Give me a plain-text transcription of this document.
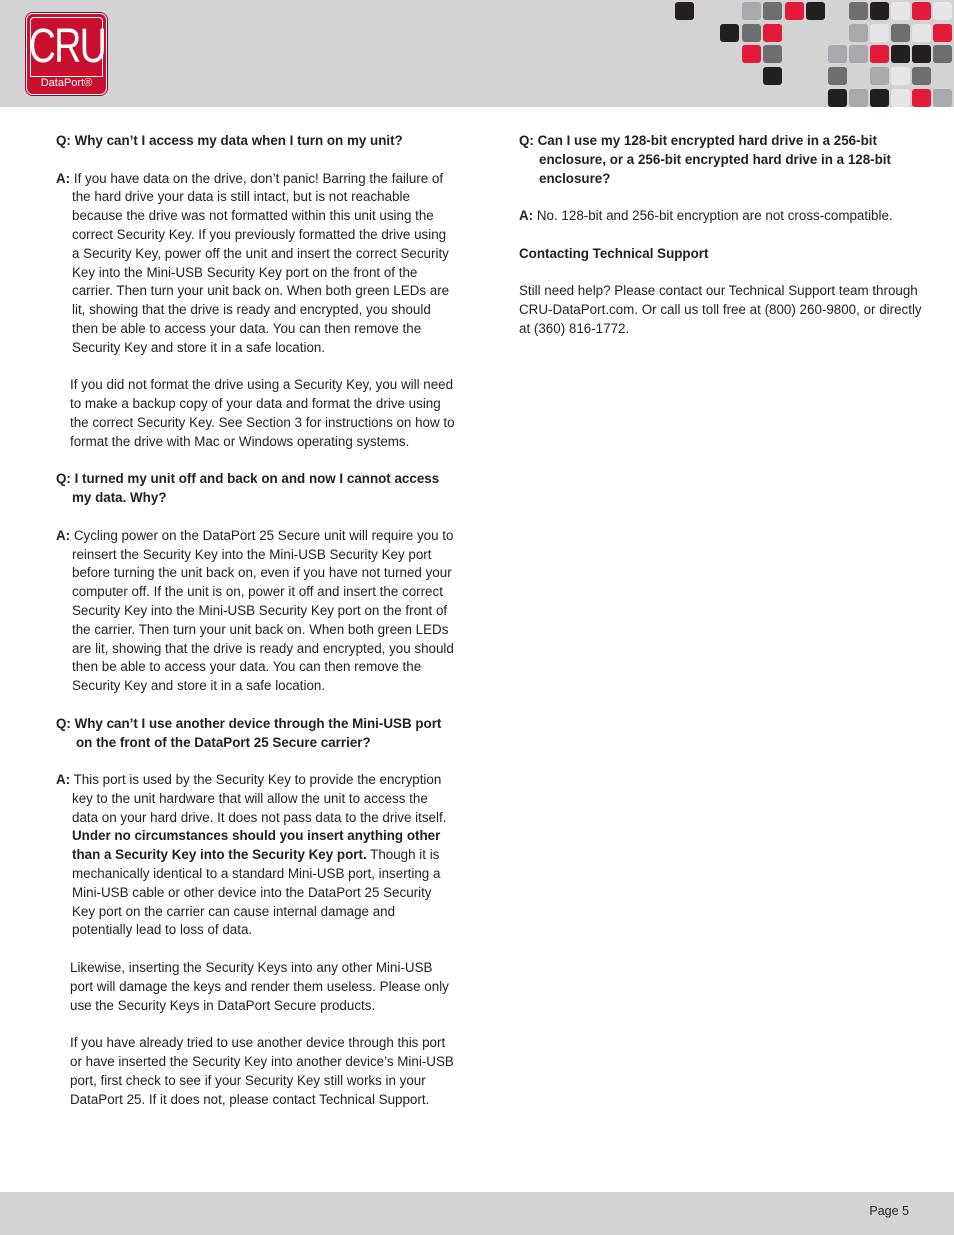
CRU
DataPort®
Q: Why can’t I access my data when I turn on my unit?
A: If you have data on the drive, don’t panic! Barring the failure of the hard drive your data is still intact, but is not reachable because the drive was not formatted within this unit using the correct Security Key. If you previously formatted the drive using a Security Key, power off the unit and insert the correct Security Key into the Mini-USB Security Key port on the front of the carrier. Then turn your unit back on. When both green LEDs are lit, showing that the drive is ready and encrypted, you should then be able to access your data. You can then remove the Security Key and store it in a safe location.
If you did not format the drive using a Security Key, you will need to make a backup copy of your data and format the drive using the correct Security Key. See Section 3 for instructions on how to format the drive with Mac or Windows operating systems.
Q: I turned my unit off and back on and now I cannot access my data. Why?
A: Cycling power on the DataPort 25 Secure unit will require you to reinsert the Security Key into the Mini-USB Security Key port before turning the unit back on, even if you have not turned your computer off. If the unit is on, power it off and insert the correct Security Key into the Mini-USB Security Key port on the front of the carrier. Then turn your unit back on. When both green LEDs are lit, showing that the drive is ready and encrypted, you should then be able to access your data. You can then remove the Security Key and store it in a safe location.
Q: Why can’t I use another device through the Mini-USB port on the front of the DataPort 25 Secure carrier?
A: This port is used by the Security Key to provide the encryption key to the unit hardware that will allow the unit to access the data on your hard drive. It does not pass data to the drive itself. Under no circumstances should you insert anything other than a Security Key into the Security Key port. Though it is mechanically identical to a standard Mini-USB port, inserting a Mini-USB cable or other device into the DataPort 25 Security Key port on the carrier can cause internal damage and potentially lead to loss of data.
Likewise, inserting the Security Keys into any other Mini-USB port will damage the keys and render them useless. Please only use the Security Keys in DataPort Secure products.
If you have already tried to use another device through this port or have inserted the Security Key into another device’s Mini-USB port, first check to see if your Security Key still works in your DataPort 25. If it does not, please contact Technical Support.
Q: Can I use my 128-bit encrypted hard drive in a 256-bit enclosure, or a 256-bit encrypted hard drive in a 128-bit enclosure?
A: No. 128-bit and 256-bit encryption are not cross-compatible.
Contacting Technical Support
Still need help? Please contact our Technical Support team through CRU-DataPort.com. Or call us toll free at (800) 260-9800, or directly at (360) 816-1772.
Page 5
